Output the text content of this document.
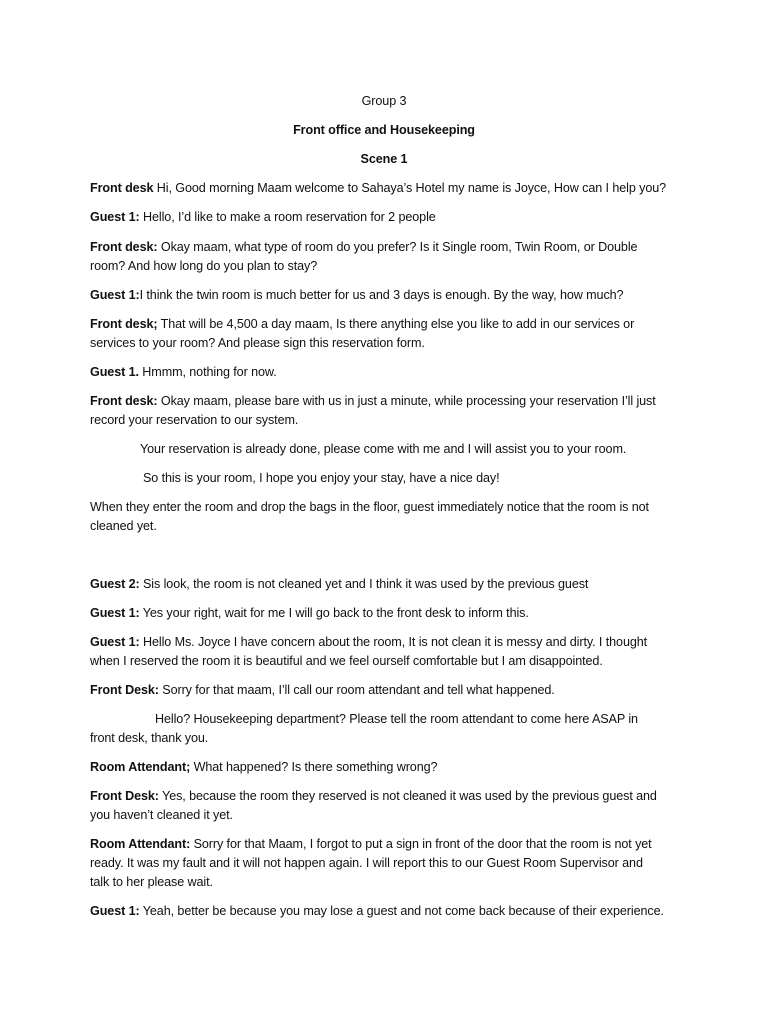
Group 3
Front office and Housekeeping
Scene 1
Front desk Hi, Good morning Maam welcome to Sahaya’s Hotel my name is Joyce, How can I help you?
Guest 1: Hello, I’d like to make a room reservation for 2 people
Front desk: Okay maam, what type of room do you prefer? Is it Single room, Twin Room, or Double
room? And how long do you plan to stay?
Guest 1:I think the twin room is much better for us and 3 days is enough. By the way, how much?
Front desk; That will be 4,500 a day maam, Is there anything else you like to add in our services or
services to your room? And please sign this reservation form.
Guest 1. Hmmm, nothing for now.
Front desk: Okay maam, please bare with us in just a minute, while processing your reservation I’ll just
record your reservation to our system.
Your reservation is already done, please come with me and I will assist you to your room.
So this is your room, I hope you enjoy your stay, have a nice day!
When they enter the room and drop the bags in the floor, guest immediately notice that the room is not
cleaned yet.
Guest 2: Sis look, the room is not cleaned yet and I think it was used by the previous guest
Guest 1: Yes your right, wait for me I will go back to the front desk to inform this.
Guest 1: Hello Ms. Joyce I have concern about the room, It is not clean it is messy and dirty. I thought
when I reserved the room it is beautiful and we feel ourself comfortable but I am disappointed.
Front Desk: Sorry for that maam, I’ll call our room attendant and tell what happened.
Hello? Housekeeping department? Please tell the room attendant to come here ASAP in
front desk, thank you.
Room Attendant; What happened? Is there something wrong?
Front Desk: Yes, because the room they reserved is not cleaned it was used by the previous guest and
you haven’t cleaned it yet.
Room Attendant: Sorry for that Maam, I forgot to put a sign in front of the door that the room is not yet
ready. It was my fault and it will not happen again. I will report this to our Guest Room Supervisor and
talk to her please wait.
Guest 1: Yeah, better be because you may lose a guest and not come back because of their experience.
